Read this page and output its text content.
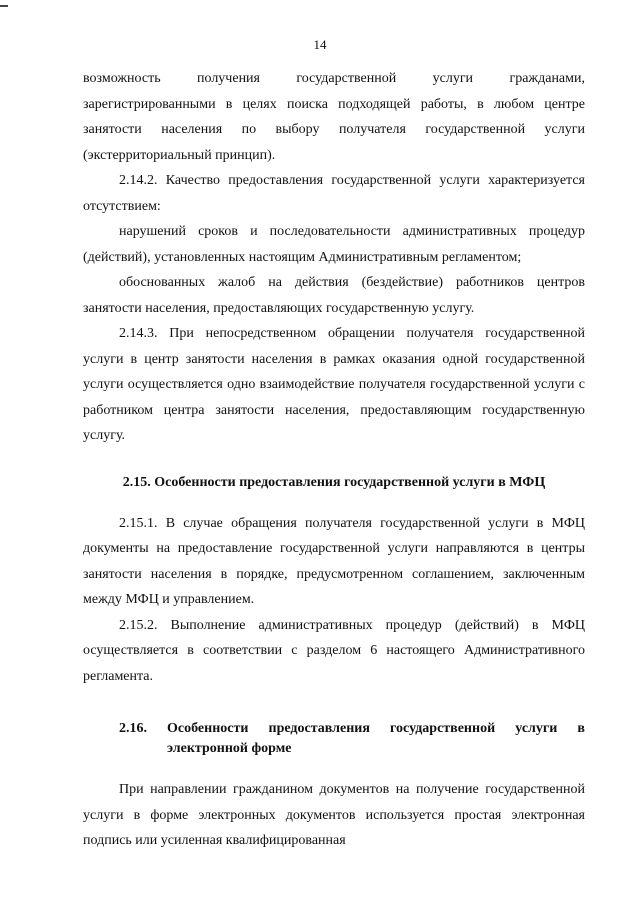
14

возможность получения государственной услуги гражданами, зарегистрированными в целях поиска подходящей работы, в любом центре занятости населения по выбору получателя государственной услуги (экстерриториальный принцип).

2.14.2. Качество предоставления государственной услуги характеризуется отсутствием:

нарушений сроков и последовательности административных процедур (действий), установленных настоящим Административным регламентом;

обоснованных жалоб на действия (бездействие) работников центров занятости населения, предоставляющих государственную услугу.

2.14.3. При непосредственном обращении получателя государственной услуги в центр занятости населения в рамках оказания одной государственной услуги осуществляется одно взаимодействие получателя государственной услуги с работником центра занятости населения, предоставляющим государственную услугу.

2.15. Особенности предоставления государственной услуги в МФЦ

2.15.1. В случае обращения получателя государственной услуги в МФЦ документы на предоставление государственной услуги направляются в центры занятости населения в порядке, предусмотренном соглашением, заключенным между МФЦ и управлением.

2.15.2. Выполнение административных процедур (действий) в МФЦ осуществляется в соответствии с разделом 6 настоящего Административного регламента.

2.16.	Особенности предоставления государственной услуги в электронной форме

При направлении гражданином документов на получение государственной услуги в форме электронных документов используется простая электронная подпись или усиленная квалифицированная
